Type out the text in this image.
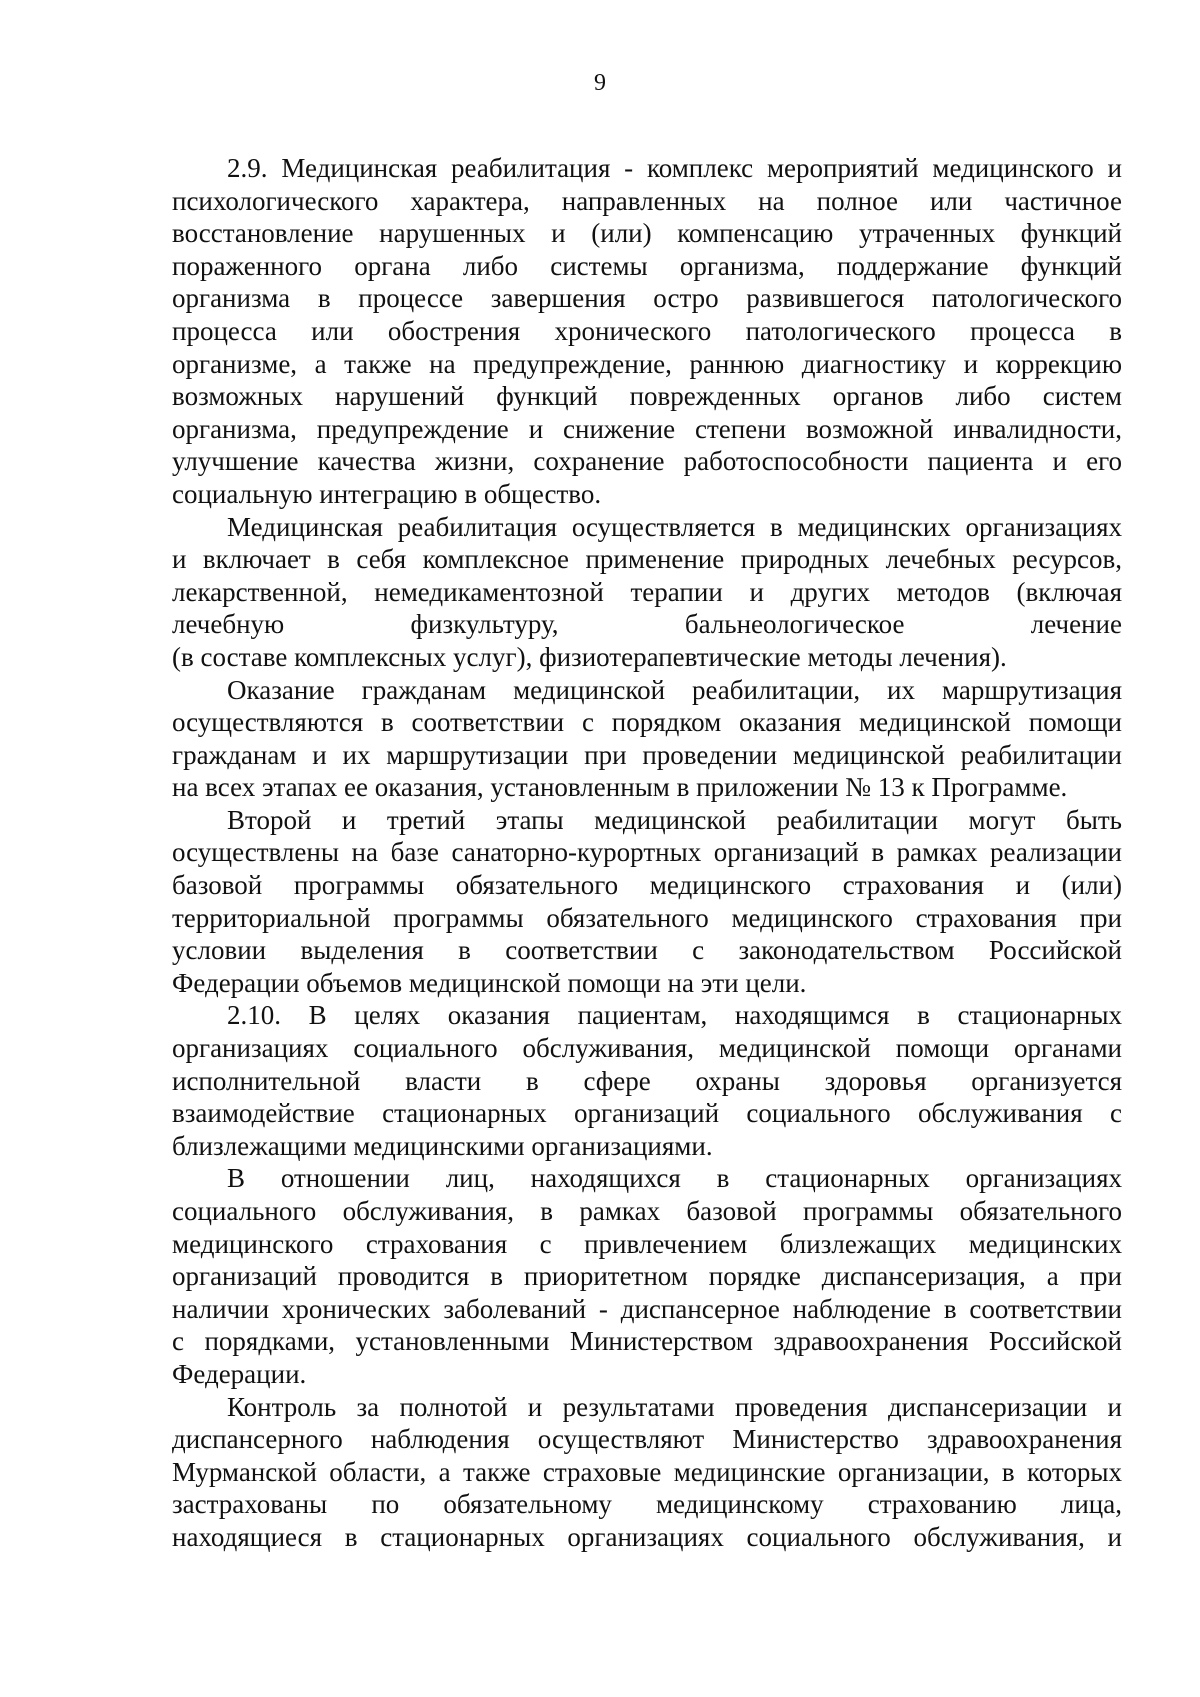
9
2.9. Медицинская реабилитация - комплекс мероприятий медицинского и
психологического характера, направленных на полное или частичное
восстановление нарушенных и (или) компенсацию утраченных функций
пораженного органа либо системы организма, поддержание функций
организма в процессе завершения остро развившегося патологического
процесса или обострения хронического патологического процесса в
организме, а также на предупреждение, раннюю диагностику и коррекцию
возможных нарушений функций поврежденных органов либо систем
организма, предупреждение и снижение степени возможной инвалидности,
улучшение качества жизни, сохранение работоспособности пациента и его
социальную интеграцию в общество.
Медицинская реабилитация осуществляется в медицинских организациях
и включает в себя комплексное применение природных лечебных ресурсов,
лекарственной, немедикаментозной терапии и других методов (включая
лечебную физкультуру, бальнеологическое лечение
(в составе комплексных услуг), физиотерапевтические методы лечения).
Оказание гражданам медицинской реабилитации, их маршрутизация
осуществляются в соответствии с порядком оказания медицинской помощи
гражданам и их маршрутизации при проведении медицинской реабилитации
на всех этапах ее оказания, установленным в приложении № 13 к Программе.
Второй и третий этапы медицинской реабилитации могут быть
осуществлены на базе санаторно-курортных организаций в рамках реализации
базовой программы обязательного медицинского страхования и (или)
территориальной программы обязательного медицинского страхования при
условии выделения в соответствии с законодательством Российской
Федерации объемов медицинской помощи на эти цели.
2.10. В целях оказания пациентам, находящимся в стационарных
организациях социального обслуживания, медицинской помощи органами
исполнительной власти в сфере охраны здоровья организуется
взаимодействие стационарных организаций социального обслуживания с
близлежащими медицинскими организациями.
В отношении лиц, находящихся в стационарных организациях
социального обслуживания, в рамках базовой программы обязательного
медицинского страхования с привлечением близлежащих медицинских
организаций проводится в приоритетном порядке диспансеризация, а при
наличии хронических заболеваний - диспансерное наблюдение в соответствии
с порядками, установленными Министерством здравоохранения Российской
Федерации.
Контроль за полнотой и результатами проведения диспансеризации и
диспансерного наблюдения осуществляют Министерство здравоохранения
Мурманской области, а также страховые медицинские организации, в которых
застрахованы по обязательному медицинскому страхованию лица,
находящиеся в стационарных организациях социального обслуживания, и
